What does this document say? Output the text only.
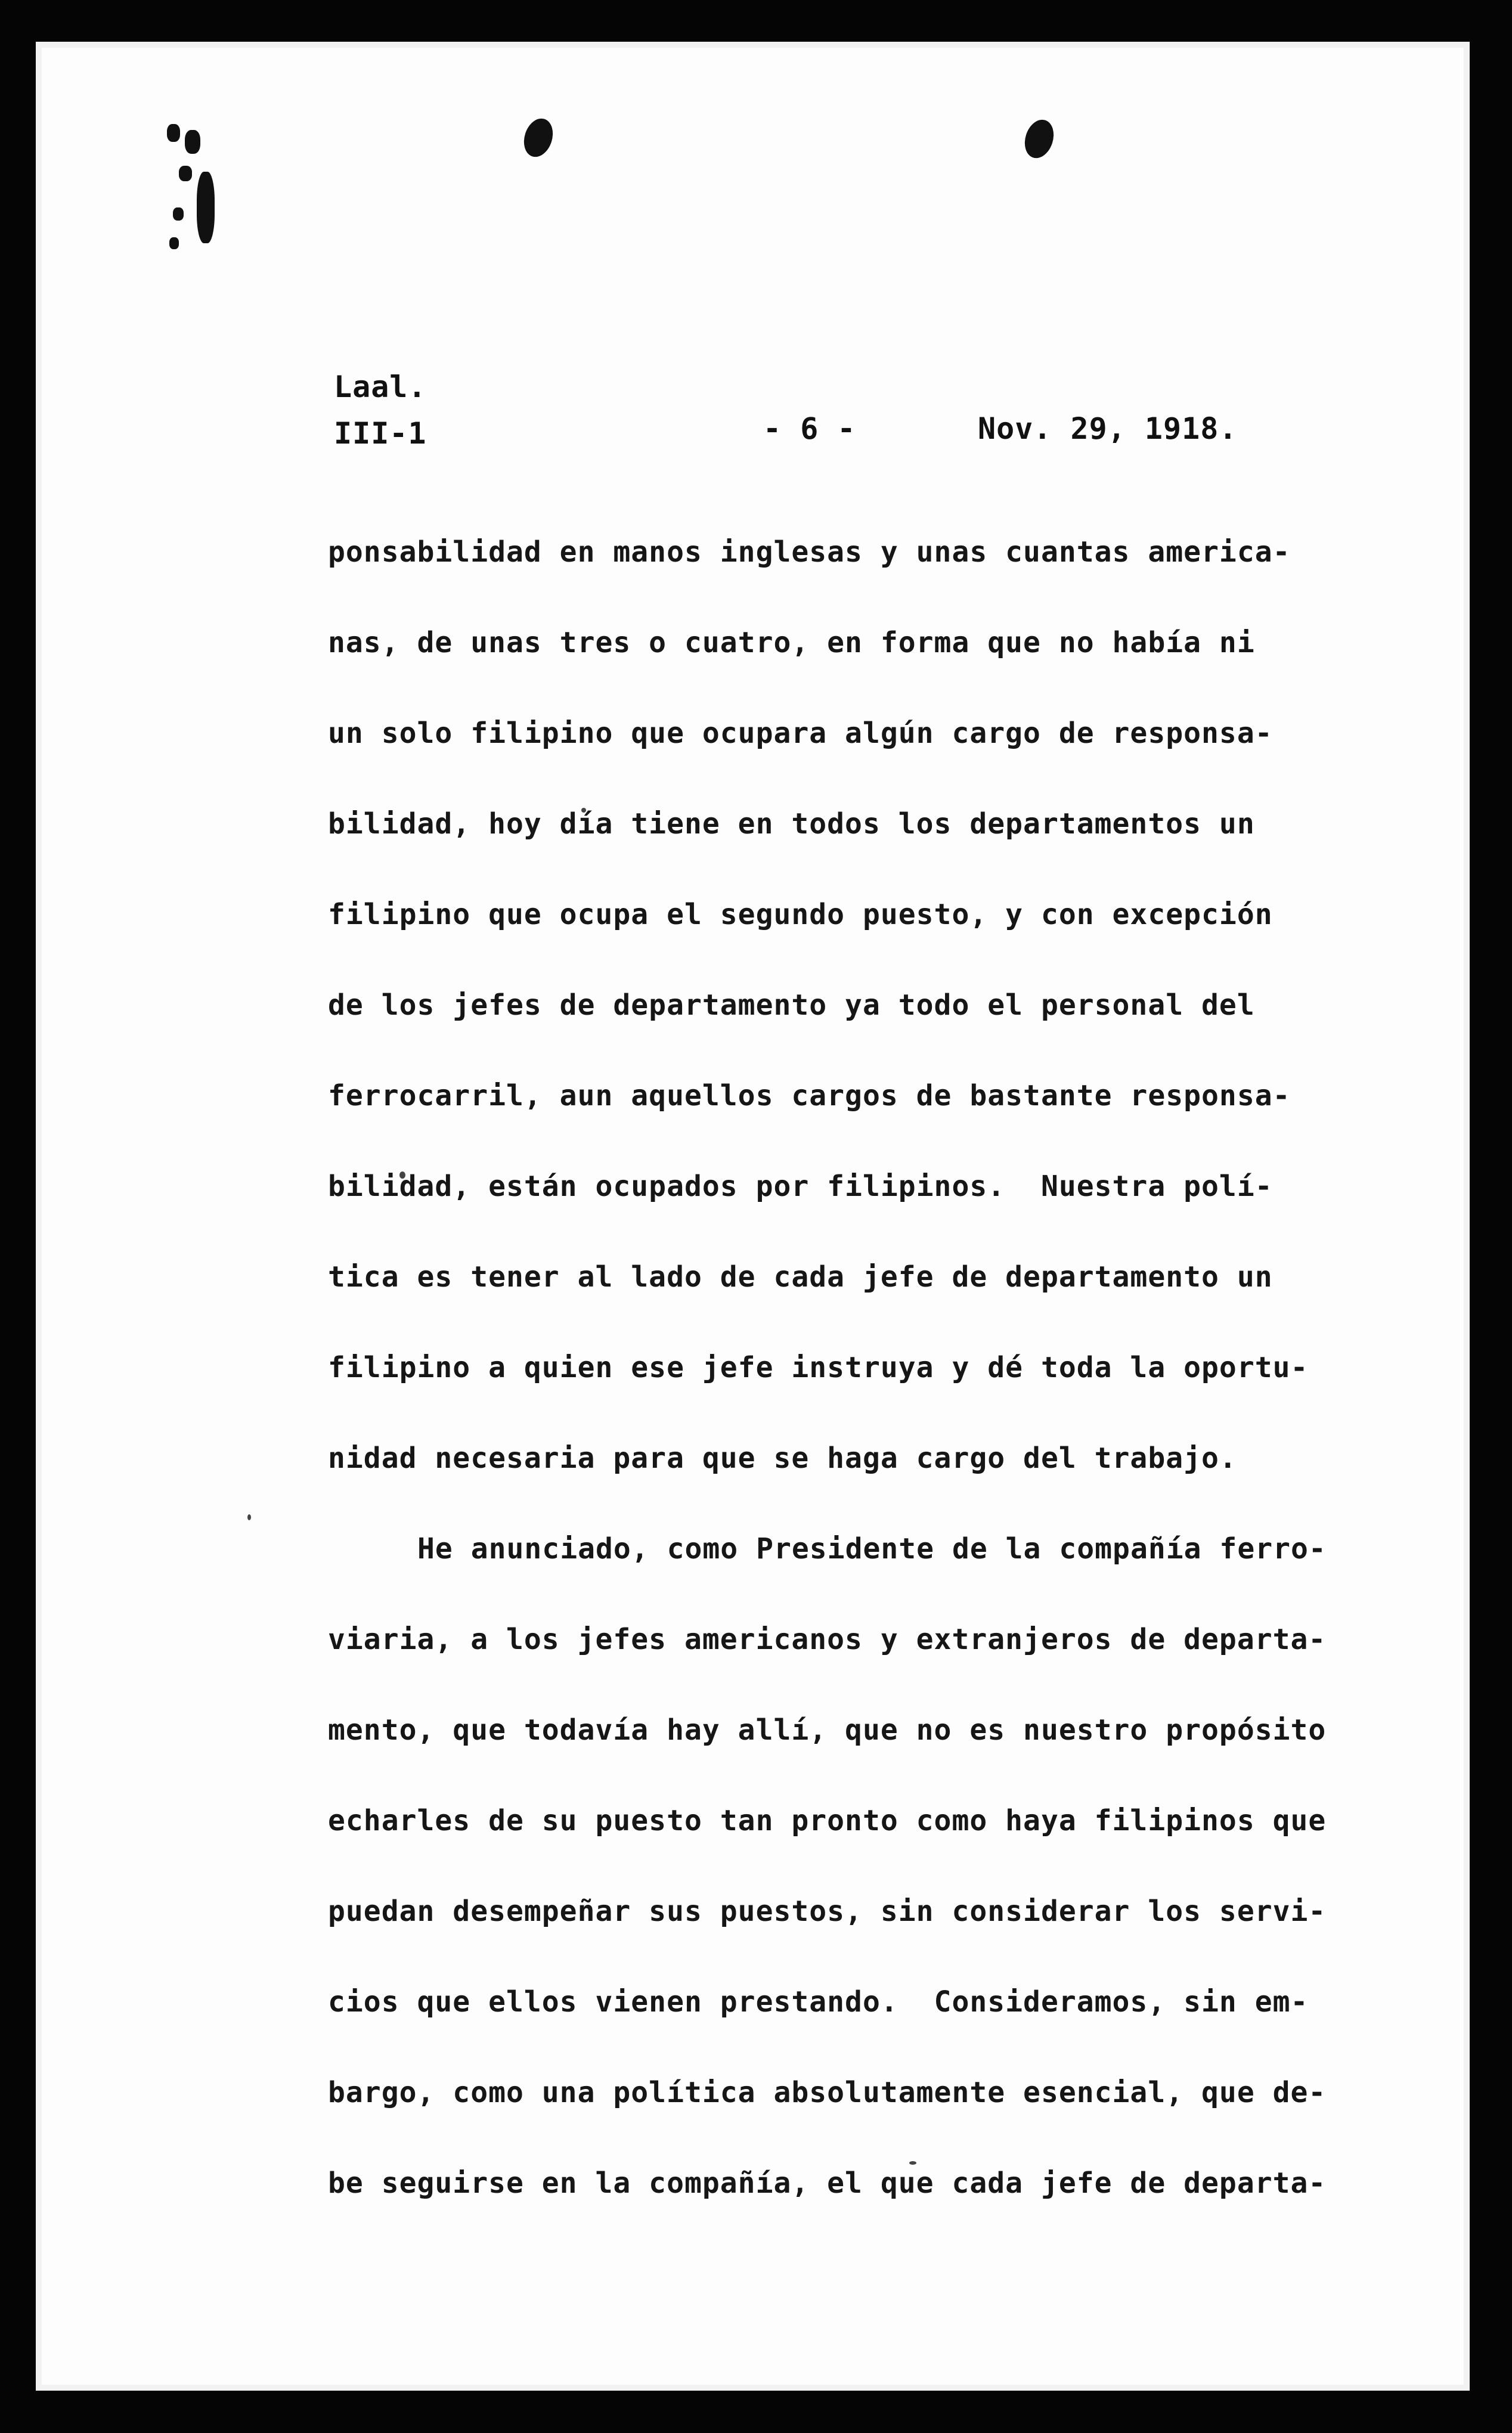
Laal.
III-1	- 6 -	Nov. 29, 1918.
ponsabilidad en manos inglesas y unas cuantas america-
nas, de unas tres o cuatro, en forma que no había ni
un solo filipino que ocupara algún cargo de responsa-
bilidad, hoy día tiene en todos los departamentos un
filipino que ocupa el segundo puesto, y con excepción
de los jefes de departamento ya todo el personal del
ferrocarril, aun aquellos cargos de bastante responsa-
bilidad, están ocupados por filipinos.  Nuestra polí-
tica es tener al lado de cada jefe de departamento un
filipino a quien ese jefe instruya y dé toda la oportu-
nidad necesaria para que se haga cargo del trabajo.
He anunciado, como Presidente de la compañía ferro-
viaria, a los jefes americanos y extranjeros de departa-
mento, que todavía hay allí, que no es nuestro propósito
echarles de su puesto tan pronto como haya filipinos que
puedan desempeñar sus puestos, sin considerar los servi-
cios que ellos vienen prestando.  Consideramos, sin em-
bargo, como una política absolutamente esencial, que de-
be seguirse en la compañía, el que cada jefe de departa-
